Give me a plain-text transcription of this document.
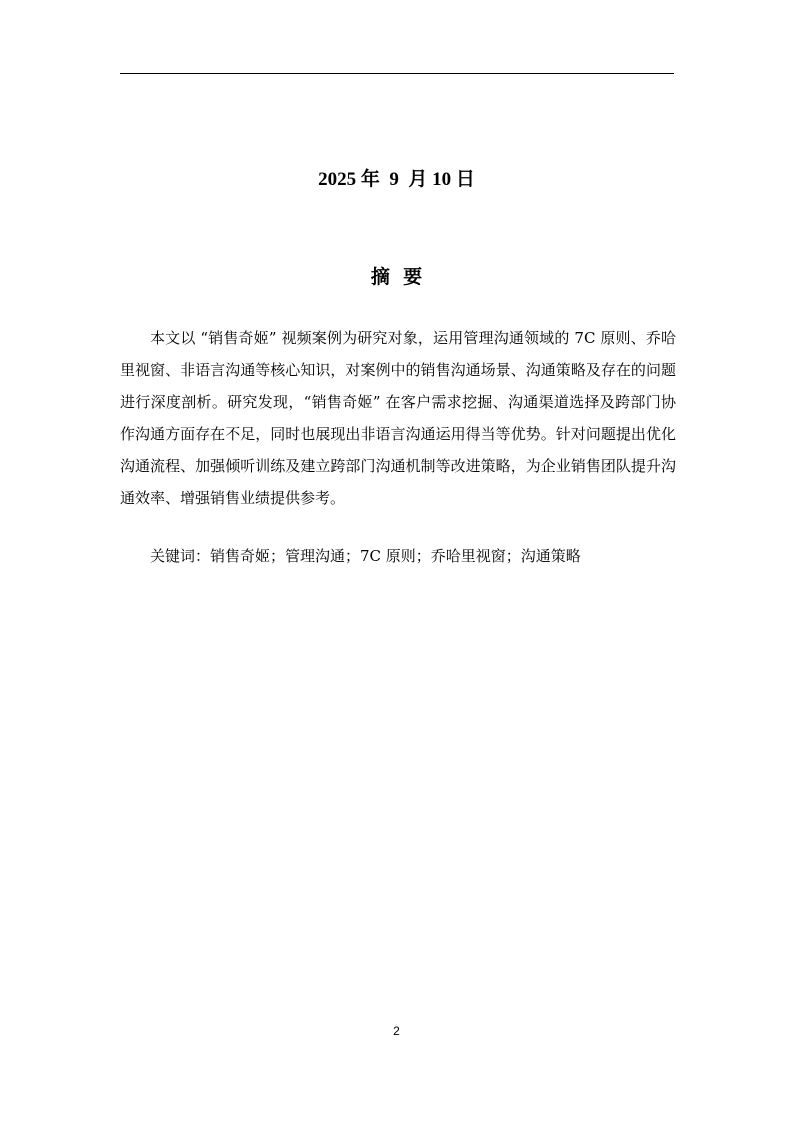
2025 年  9  月 10 日
摘  要

本文以 “销售奇姬” 视频案例为研究对象，运用管理沟通领域的 7C 原则、乔哈里视窗、非语言沟通等核心知识，对案例中的销售沟通场景、沟通策略及存在的问题进行深度剖析。研究发现，“销售奇姬” 在客户需求挖掘、沟通渠道选择及跨部门协作沟通方面存在不足，同时也展现出非语言沟通运用得当等优势。针对问题提出优化沟通流程、加强倾听训练及建立跨部门沟通机制等改进策略，为企业销售团队提升沟通效率、增强销售业绩提供参考。

关键词：销售奇姬；管理沟通；7C 原则；乔哈里视窗；沟通策略
2
